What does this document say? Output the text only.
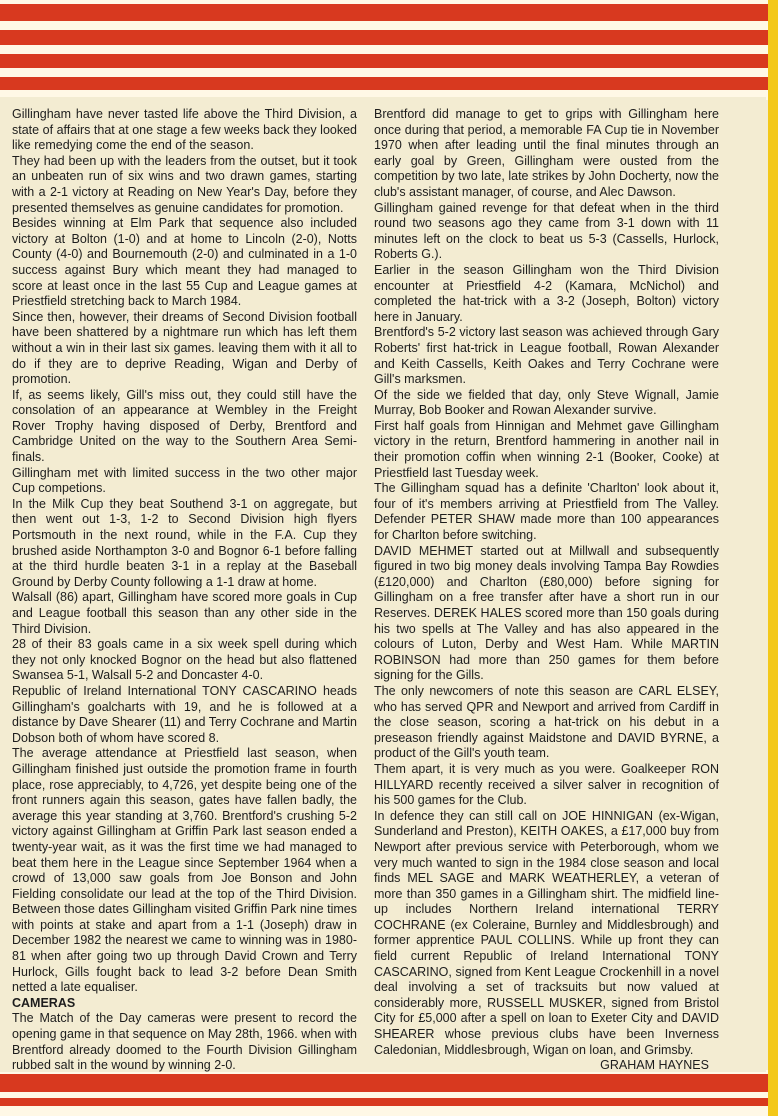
Gillingham have never tasted life above the Third Division, a state of affairs that at one stage a few weeks back they looked like remedying come the end of the season.

They had been up with the leaders from the outset, but it took an unbeaten run of six wins and two drawn games, starting with a 2-1 victory at Reading on New Year's Day, before they presented themselves as genuine candidates for promotion.

Besides winning at Elm Park that sequence also included victory at Bolton (1-0) and at home to Lincoln (2-0), Notts County (4-0) and Bournemouth (2-0) and culminated in a 1-0 success against Bury which meant they had managed to score at least once in the last 55 Cup and League games at Priestfield stretching back to March 1984.

Since then, however, their dreams of Second Division football have been shattered by a nightmare run which has left them without a win in their last six games. leaving them with it all to do if they are to deprive Reading, Wigan and Derby of promotion.

If, as seems likely, Gill's miss out, they could still have the consolation of an appearance at Wembley in the Freight Rover Trophy having disposed of Derby, Brentford and Cambridge United on the way to the Southern Area Semi-finals.

Gillingham met with limited success in the two other major Cup competions.

In the Milk Cup they beat Southend 3-1 on aggregate, but then went out 1-3, 1-2 to Second Division high flyers Portsmouth in the next round, while in the F.A. Cup they brushed aside Northampton 3-0 and Bognor 6-1 before falling at the third hurdle beaten 3-1 in a replay at the Baseball Ground by Derby County following a 1-1 draw at home.

Walsall (86) apart, Gillingham have scored more goals in Cup and League football this season than any other side in the Third Division.

28 of their 83 goals came in a six week spell during which they not only knocked Bognor on the head but also flattened Swansea 5-1, Walsall 5-2 and Doncaster 4-0.

Republic of Ireland International TONY CASCARINO heads Gillingham's goalcharts with 19, and he is followed at a distance by Dave Shearer (11) and Terry Cochrane and Martin Dobson both of whom have scored 8.

The average attendance at Priestfield last season, when Gillingham finished just outside the promotion frame in fourth place, rose appreciably, to 4,726, yet despite being one of the front runners again this season, gates have fallen badly, the average this year standing at 3,760. Brentford's crushing 5-2 victory against Gillingham at Griffin Park last season ended a twenty-year wait, as it was the first time we had managed to beat them here in the League since September 1964 when a crowd of 13,000 saw goals from Joe Bonson and John Fielding consolidate our lead at the top of the Third Division. Between those dates Gillingham visited Griffin Park nine times with points at stake and apart from a 1-1 (Joseph) draw in December 1982 the nearest we came to winning was in 1980-81 when after going two up through David Crown and Terry Hurlock, Gills fought back to lead 3-2 before Dean Smith netted a late equaliser.

CAMERAS

The Match of the Day cameras were present to record the opening game in that sequence on May 28th, 1966. when with Brentford already doomed to the Fourth Division Gillingham rubbed salt in the wound by winning 2-0.

Brentford did manage to get to grips with Gillingham here once during that period, a memorable FA Cup tie in November 1970 when after leading until the final minutes through an early goal by Green, Gillingham were ousted from the competition by two late, late strikes by John Docherty, now the club's assistant manager, of course, and Alec Dawson.

Gillingham gained revenge for that defeat when in the third round two seasons ago they came from 3-1 down with 11 minutes left on the clock to beat us 5-3 (Cassells, Hurlock, Roberts G.).

Earlier in the season Gillingham won the Third Division encounter at Priestfield 4-2 (Kamara, McNichol) and completed the hat-trick with a 3-2 (Joseph, Bolton) victory here in January.

Brentford's 5-2 victory last season was achieved through Gary Roberts' first hat-trick in League football, Rowan Alexander and Keith Cassells, Keith Oakes and Terry Cochrane were Gill's marksmen.

Of the side we fielded that day, only Steve Wignall, Jamie Murray, Bob Booker and Rowan Alexander survive.

First half goals from Hinnigan and Mehmet gave Gillingham victory in the return, Brentford hammering in another nail in their promotion coffin when winning 2-1 (Booker, Cooke) at Priestfield last Tuesday week.

The Gillingham squad has a definite 'Charlton' look about it, four of it's members arriving at Priestfield from The Valley. Defender PETER SHAW made more than 100 appearances for Charlton before switching.

DAVID MEHMET started out at Millwall and subsequently figured in two big money deals involving Tampa Bay Rowdies (£120,000) and Charlton (£80,000) before signing for Gillingham on a free transfer after have a short run in our Reserves. DEREK HALES scored more than 150 goals during his two spells at The Valley and has also appeared in the colours of Luton, Derby and West Ham. While MARTIN ROBINSON had more than 250 games for them before signing for the Gills.

The only newcomers of note this season are CARL ELSEY, who has served QPR and Newport and arrived from Cardiff in the close season, scoring a hat-trick on his debut in a preseason friendly against Maidstone and DAVID BYRNE, a product of the Gill's youth team.

Them apart, it is very much as you were. Goalkeeper RON HILLYARD recently received a silver salver in recognition of his 500 games for the Club.

In defence they can still call on JOE HINNIGAN (ex-Wigan, Sunderland and Preston), KEITH OAKES, a £17,000 buy from Newport after previous service with Peterborough, whom we very much wanted to sign in the 1984 close season and local finds MEL SAGE and MARK WEATHERLEY, a veteran of more than 350 games in a Gillingham shirt. The midfield line-up includes Northern Ireland international TERRY COCHRANE (ex Coleraine, Burnley and Middlesbrough) and former apprentice PAUL COLLINS. While up front they can field current Republic of Ireland International TONY CASCARINO, signed from Kent League Crockenhill in a novel deal involving a set of tracksuits but now valued at considerably more, RUSSELL MUSKER, signed from Bristol City for £5,000 after a spell on loan to Exeter City and DAVID SHEARER whose previous clubs have been Inverness Caledonian, Middlesbrough, Wigan on loan, and Grimsby.

GRAHAM HAYNES
